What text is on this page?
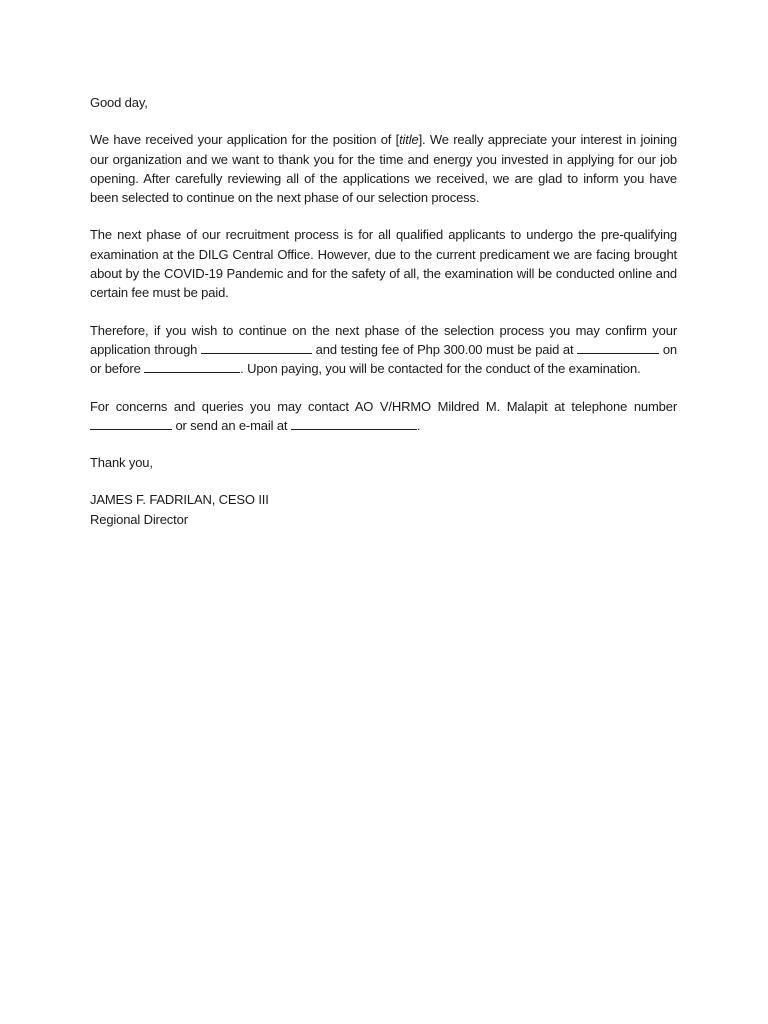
Good day,

We have received your application for the position of [title]. We really appreciate your interest in joining our organization and we want to thank you for the time and energy you invested in applying for our job opening. After carefully reviewing all of the applications we received, we are glad to inform you have been selected to continue on the next phase of our selection process.

The next phase of our recruitment process is for all qualified applicants to undergo the pre-qualifying examination at the DILG Central Office. However, due to the current predicament we are facing brought about by the COVID-19 Pandemic and for the safety of all, the examination will be conducted online and certain fee must be paid.

Therefore, if you wish to continue on the next phase of the selection process you may confirm your application through	and testing fee of Php 300.00 must be paid at	on or before	. Upon paying, you will be contacted for the conduct of the examination.

For concerns and queries you may contact AO V/HRMO Mildred M. Malapit at telephone number  or send an e-mail at	.

Thank you,

JAMES F. FADRILAN, CESO III
Regional Director
